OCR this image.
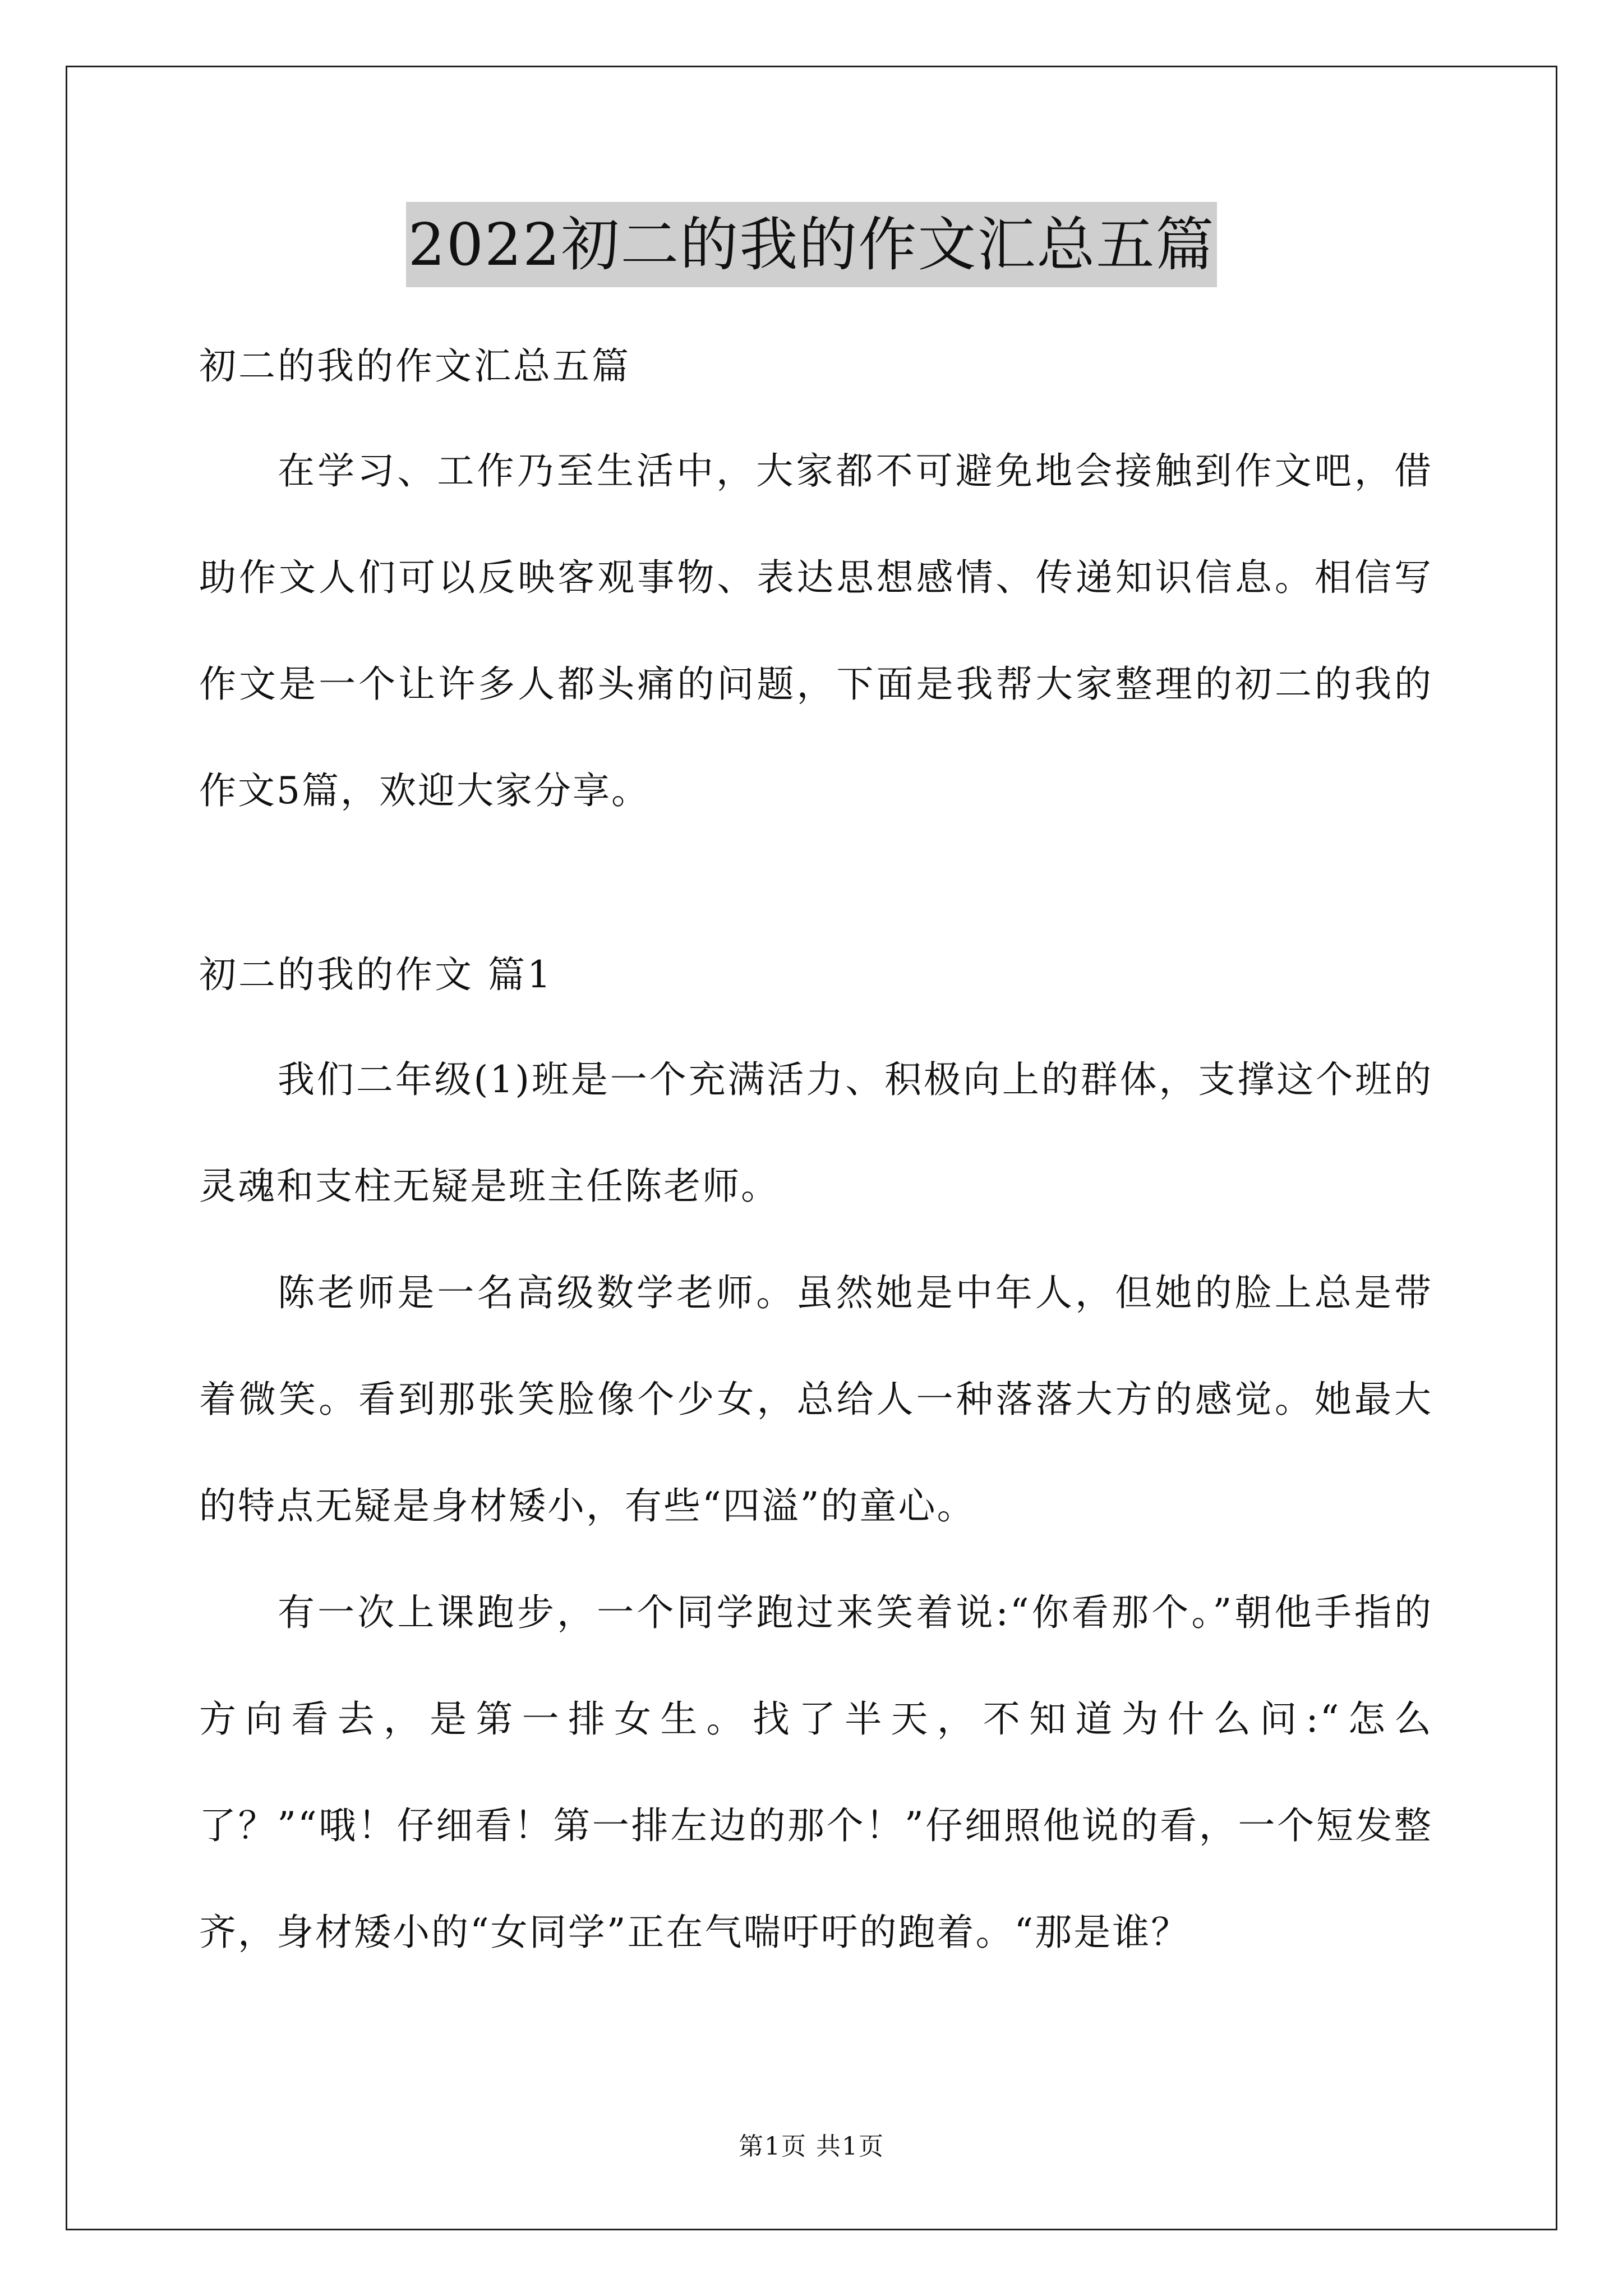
2022初二的我的作文汇总五篇

初二的我的作文汇总五篇

在学习、工作乃至生活中，大家都不可避免地会接触到作文吧，借助作文人们可以反映客观事物、表达思想感情、传递知识信息。相信写作文是一个让许多人都头痛的问题，下面是我帮大家整理的初二的我的作文5篇，欢迎大家分享。

初二的我的作文 篇1

我们二年级(1)班是一个充满活力、积极向上的群体，支撑这个班的灵魂和支柱无疑是班主任陈老师。

陈老师是一名高级数学老师。虽然她是中年人，但她的脸上总是带着微笑。看到那张笑脸像个少女，总给人一种落落大方的感觉。她最大的特点无疑是身材矮小，有些“四溢”的童心。

有一次上课跑步，一个同学跑过来笑着说:“你看那个。”朝他手指的方向看去，是第一排女生。找了半天，不知道为什么问:“怎么了？”“哦！仔细看！第一排左边的那个！”仔细照他说的看，一个短发整齐，身材矮小的“女同学”正在气喘吁吁的跑着。“那是谁？

第1页 共1页
